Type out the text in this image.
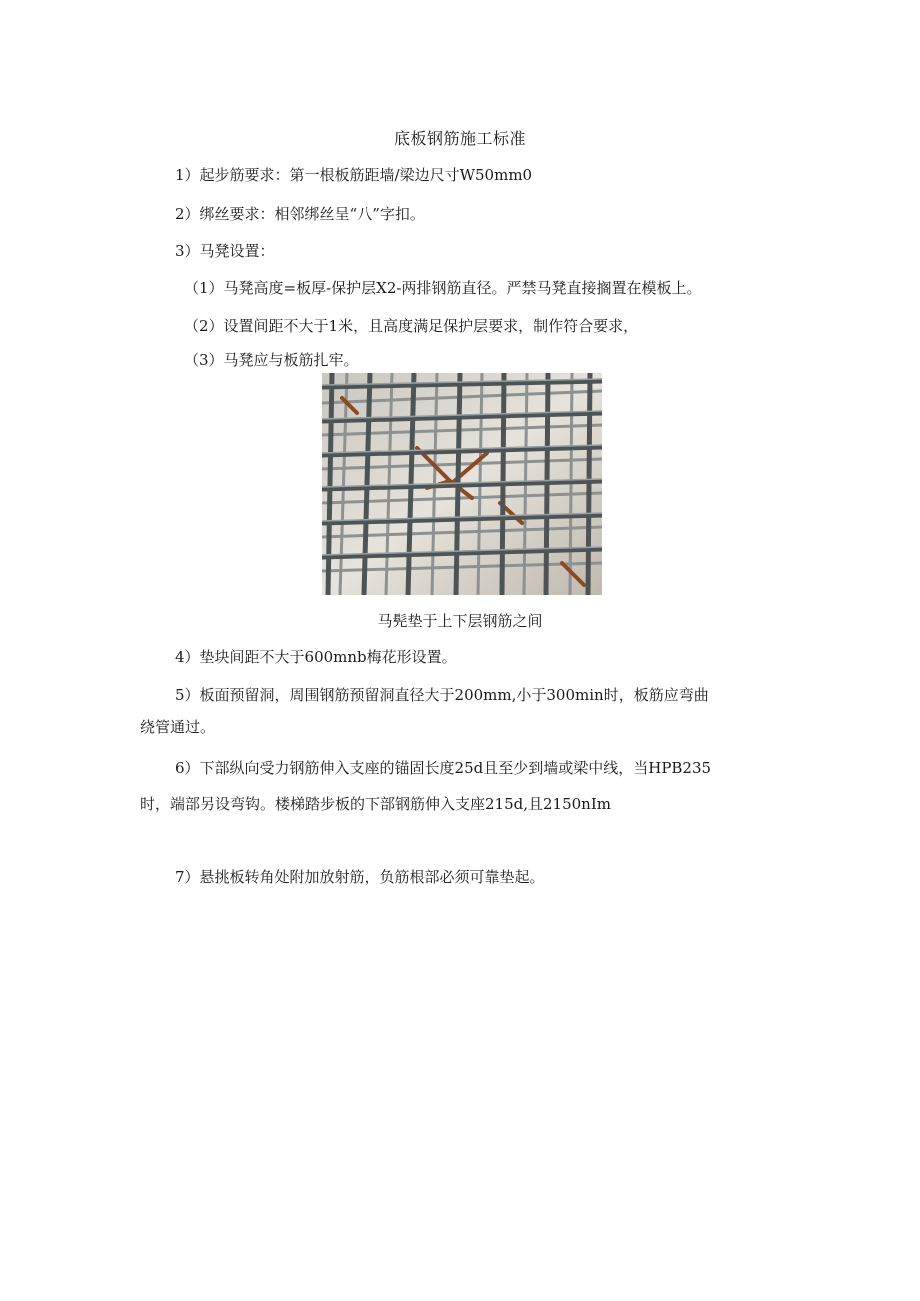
底板钢筋施工标准
1）起步筋要求：第一根板筋距墙/梁边尺寸W50mm0
2）绑丝要求：相邻绑丝呈“八”字扣。
3）马凳设置：
（1）马凳高度=板厚-保护层X2-两排钢筋直径。严禁马凳直接搁置在模板上。
（2）设置间距不大于1米，且高度满足保护层要求，制作符合要求，
（3）马凳应与板筋扎牢。
马髡垫于上下层钢筋之间
4）垫块间距不大于600mnb梅花形设置。
5）板面预留洞，周围钢筋预留洞直径大于200mm,小于300min时，板筋应弯曲
绕管通过。
6）下部纵向受力钢筋伸入支座的锚固长度25d且至少到墙或梁中线，当HPB235
时，端部另设弯钩。楼梯踏步板的下部钢筋伸入支座215d,且2150nIm
7）悬挑板转角处附加放射筋，负筋根部必须可靠垫起。
